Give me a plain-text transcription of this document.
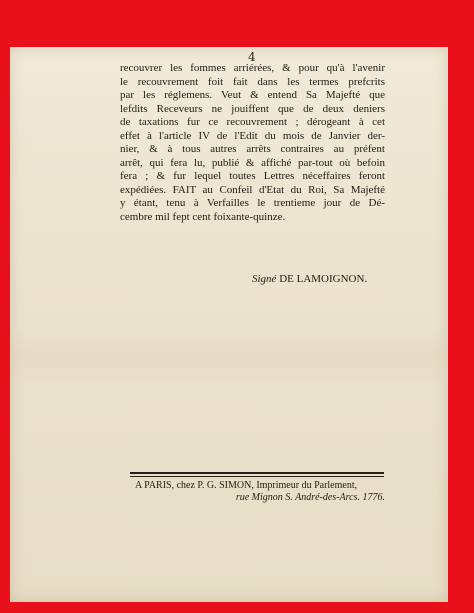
4
recouvrer les fommes arriérées, & pour qu'à l'avenir
le recouvrement foit fait dans les termes prefcrits
par les réglemens. Veut & entend Sa Majefté que
lefdits Receveurs ne jouiffent que de deux deniers
de taxations fur ce recouvrement ; dérogeant à cet
effet à l'article IV de l'Edit du mois de Janvier der-
nier, & à tous autres arrêts contraires au préfent
arrêt, qui fera lu, publié & affiché par-tout où befoin
fera ; & fur lequel toutes Lettres néceffaires feront
expédiées. FAIT au Confeil d'Etat du Roi, Sa Majefté
y étant, tenu à Verfailles le trentieme jour de Dé-
cembre mil fept cent foixante-quinze.
Signé DE LAMOIGNON.
A PARIS, chez P. G. SIMON, Imprimeur du Parlement,
rue Mignon S. André-des-Arcs. 1776.
